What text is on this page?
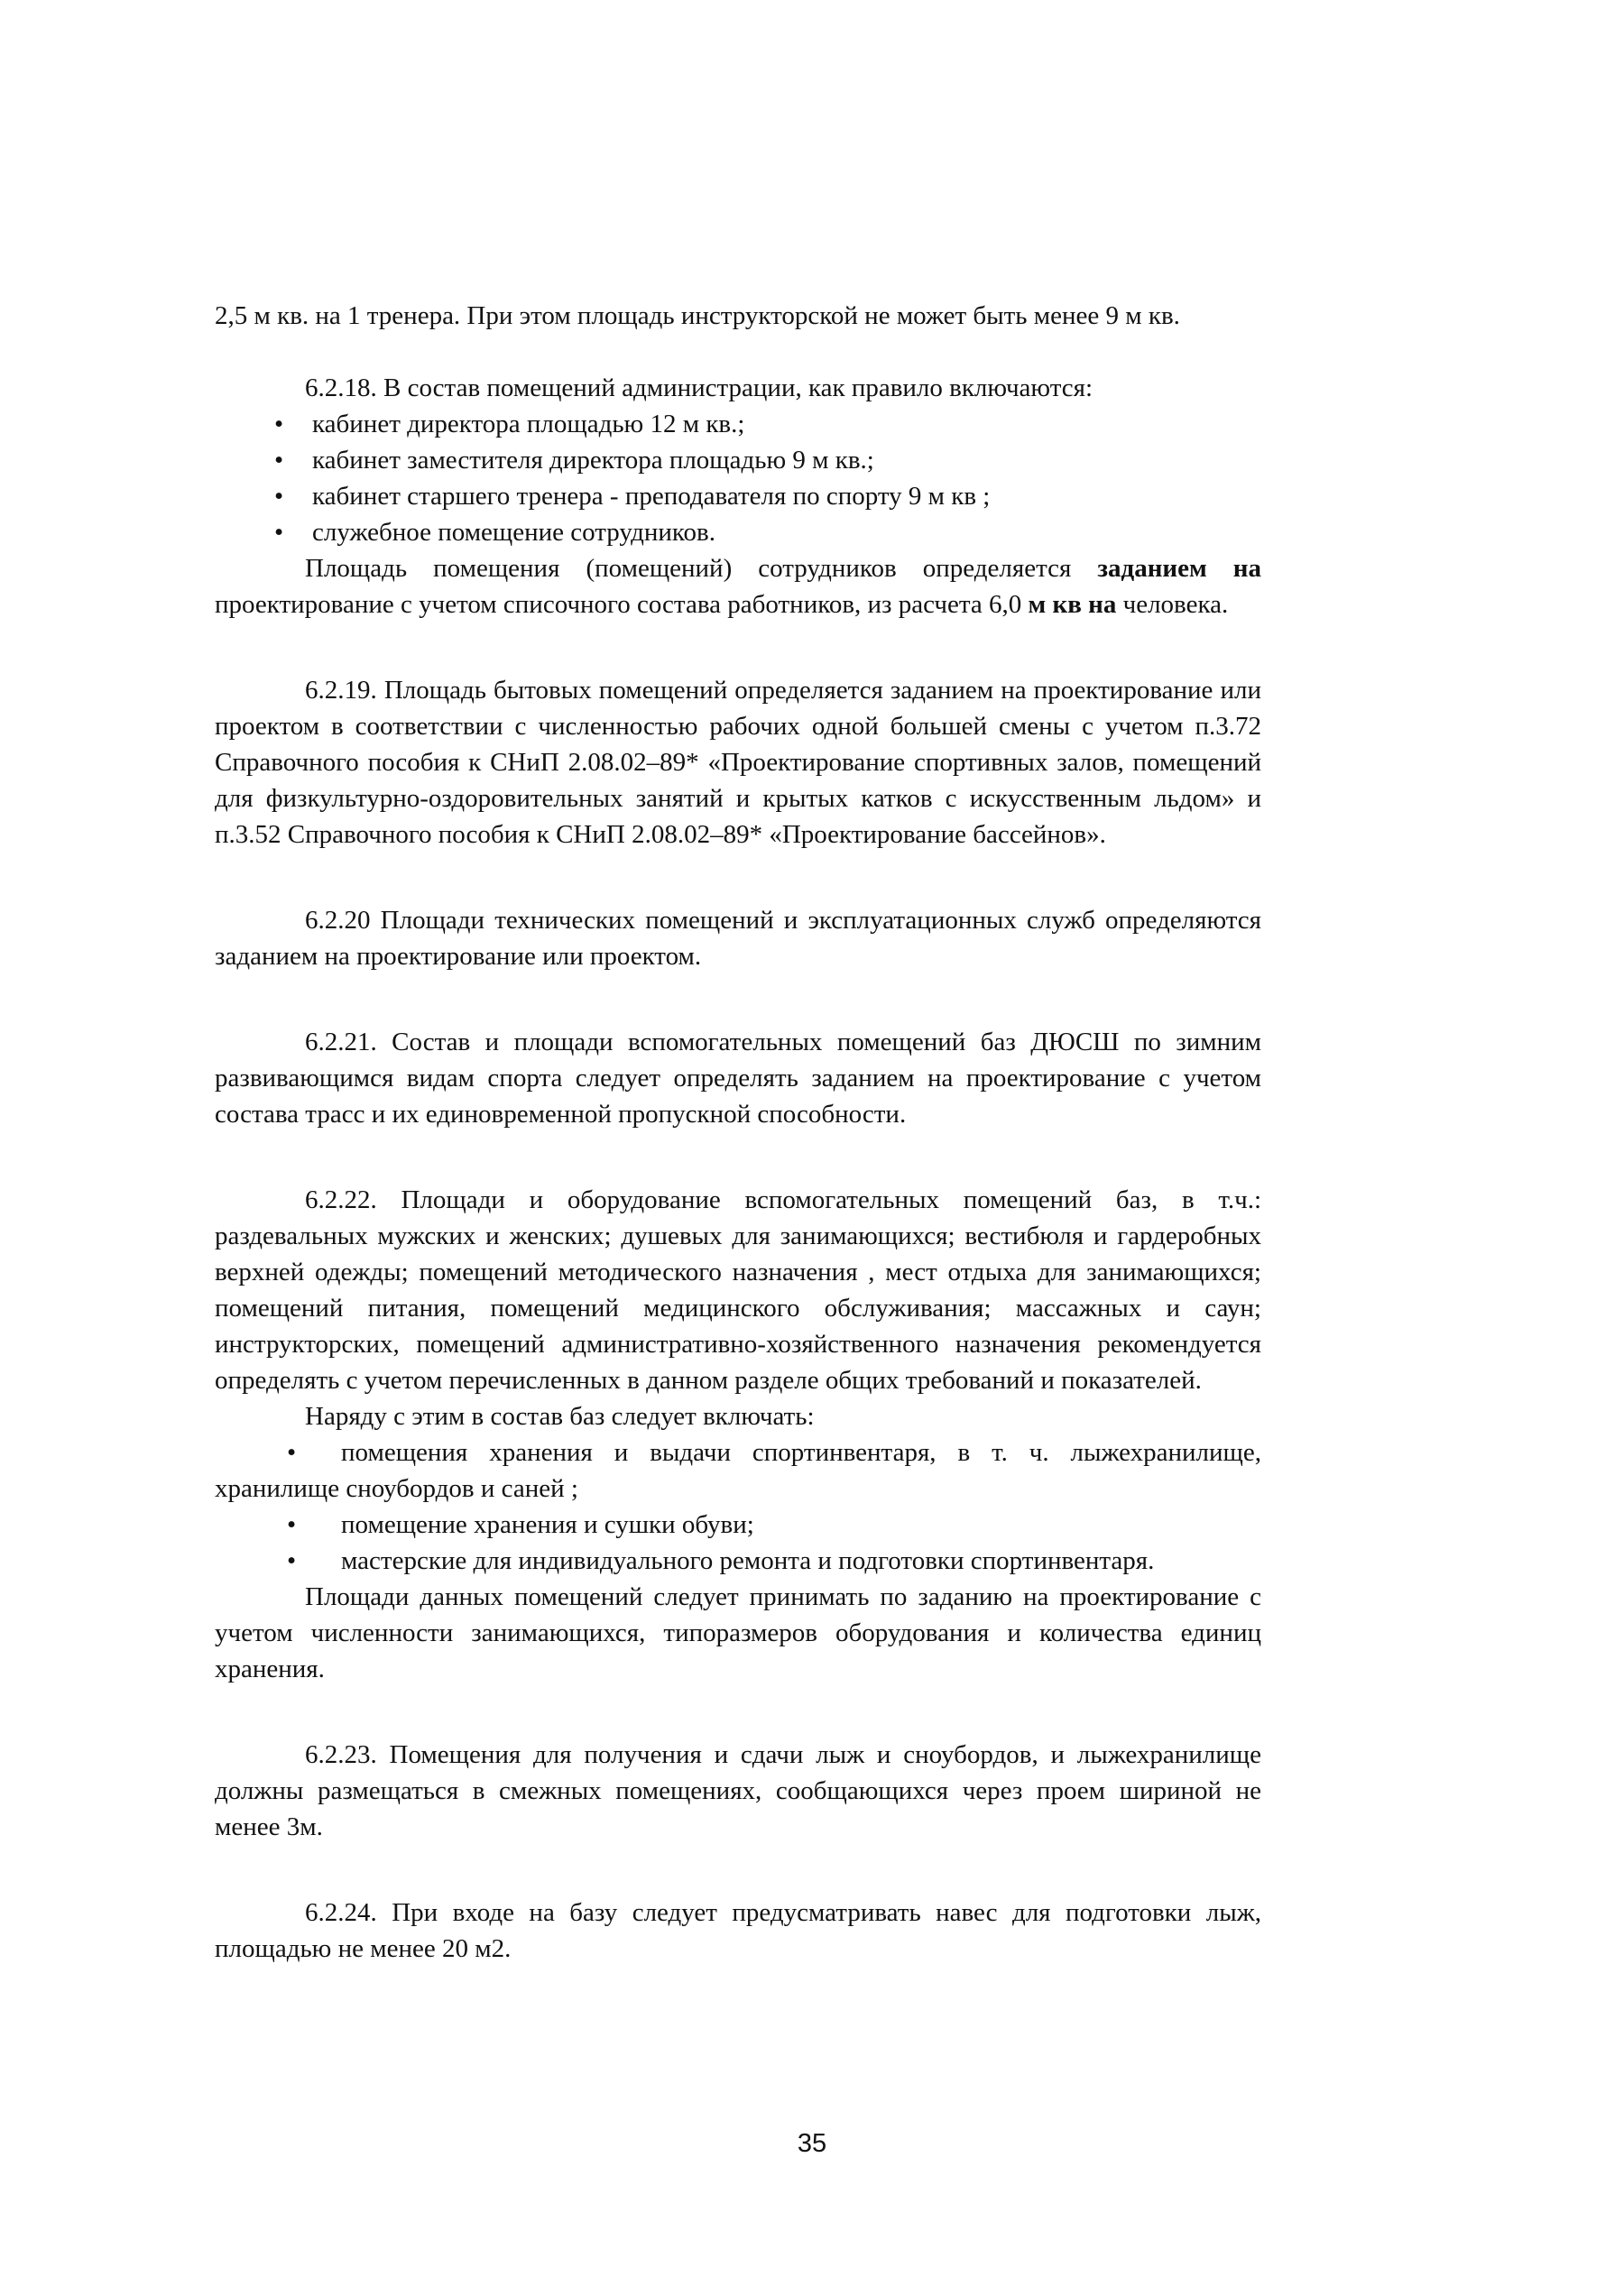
2,5 м кв. на 1 тренера. При этом площадь инструкторской не может быть менее 9 м кв.

6.2.18. В состав помещений администрации, как правило включаются:

• кабинет директора площадью 12 м кв.;
• кабинет заместителя директора площадью 9 м кв.;
• кабинет старшего тренера - преподавателя по спорту 9 м кв ;
• служебное помещение сотрудников.

Площадь помещения (помещений) сотрудников определяется заданием на проектирование с учетом списочного состава работников, из расчета 6,0 м кв на человека.

6.2.19. Площадь бытовых помещений определяется заданием на проектирование или проектом в соответствии с численностью рабочих одной большей смены с учетом п.3.72 Справочного пособия к СНиП 2.08.02–89* «Проектирование спортивных залов, помещений для физкультурно-оздоровительных занятий и крытых катков с искусственным льдом» и п.3.52 Справочного пособия к СНиП 2.08.02–89* «Проектирование бассейнов».

6.2.20 Площади технических помещений и эксплуатационных служб определяются заданием на проектирование или проектом.

6.2.21. Состав и площади вспомогательных помещений баз ДЮСШ по зимним развивающимся видам спорта следует определять заданием на проектирование с учетом состава трасс и их единовременной пропускной способности.

6.2.22. Площади и оборудование вспомогательных помещений баз, в т.ч.: раздевальных мужских и женских; душевых для занимающихся; вестибюля и гардеробных верхней одежды; помещений методического назначения , мест отдыха для занимающихся; помещений питания, помещений медицинского обслуживания; массажных и саун; инструкторских, помещений административно-хозяйственного назначения рекомендуется определять с учетом перечисленных в данном разделе общих требований и показателей.

Наряду с этим в состав баз следует включать:

• помещения хранения и выдачи спортинвентаря, в т. ч. лыжехранилище, хранилище сноубордов и саней ;

• помещение хранения и сушки обуви;

• мастерские для индивидуального ремонта и подготовки спортинвентаря.

Площади данных помещений следует принимать по заданию на проектирование с учетом численности занимающихся, типоразмеров оборудования и количества единиц хранения.

6.2.23. Помещения для получения и сдачи лыж и сноубордов, и лыжехранилище должны размещаться в смежных помещениях, сообщающихся через проем шириной не менее 3м.

6.2.24. При входе на базу следует предусматривать навес для подготовки лыж, площадью не менее 20 м2.

35
